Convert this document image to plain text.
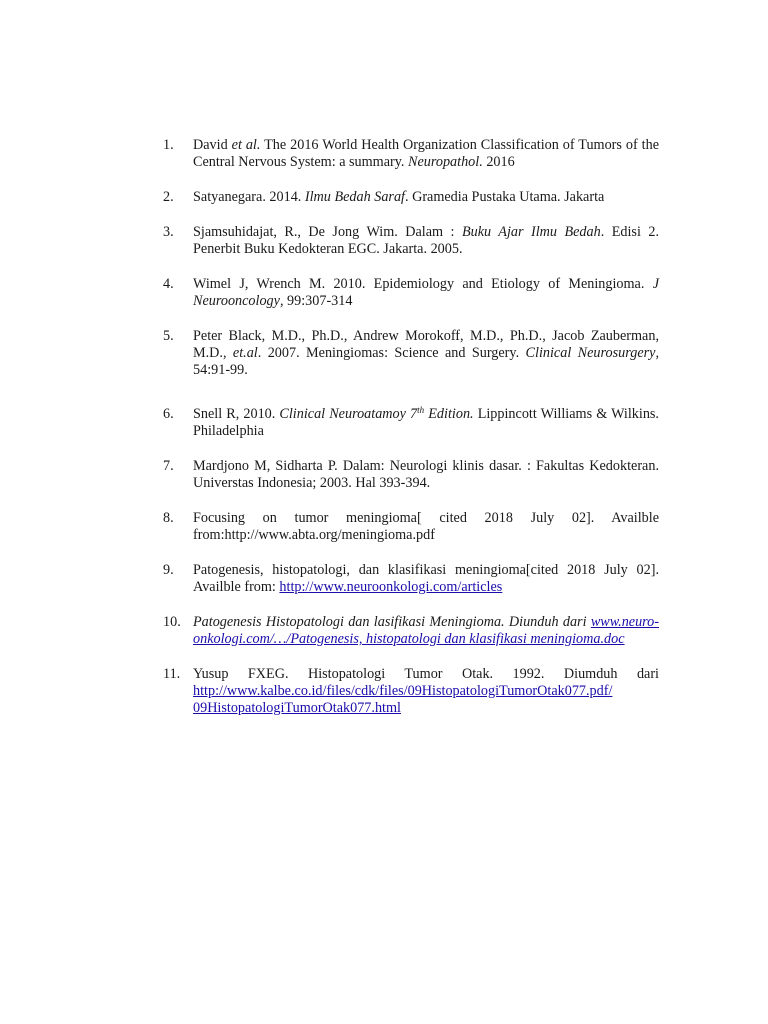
1.	David et al. The 2016 World Health Organization Classification of Tumors of the Central Nervous System: a summary. Neuropathol. 2016
2.	Satyanegara. 2014. Ilmu Bedah Saraf. Gramedia Pustaka Utama. Jakarta
3.	Sjamsuhidajat, R., De Jong Wim. Dalam : Buku Ajar Ilmu Bedah. Edisi 2. Penerbit Buku Kedokteran EGC. Jakarta. 2005.
4.	Wimel J, Wrench M. 2010. Epidemiology and Etiology of Meningioma. J Neurooncology, 99:307-314
5.	Peter Black, M.D., Ph.D., Andrew Morokoff, M.D., Ph.D., Jacob Zauberman, M.D., et.al. 2007. Meningiomas: Science and Surgery. Clinical Neurosurgery, 54:91-99.
6.	Snell R, 2010. Clinical Neuroatamoy 7th Edition. Lippincott Williams & Wilkins. Philadelphia
7.	Mardjono M, Sidharta P. Dalam: Neurologi klinis dasar. : Fakultas Kedokteran. Universtas Indonesia; 2003. Hal 393-394.
8.	Focusing on tumor meningioma[ cited 2018 July 02]. Availble from:http://www.abta.org/meningioma.pdf
9.	Patogenesis, histopatologi, dan klasifikasi meningioma[cited 2018 July 02]. Availble from: http://www.neuroonkologi.com/articles
10. Patogenesis Histopatologi dan lasifikasi Meningioma. Diunduh dari www.neuro-onkologi.com/…/Patogenesis, histopatologi dan klasifikasi meningioma.doc
11. Yusup FXEG. Histopatologi Tumor Otak. 1992. Diumduh dari http://www.kalbe.co.id/files/cdk/files/09HistopatologiTumorOtak077.pdf/
09HistopatologiTumorOtak077.html
